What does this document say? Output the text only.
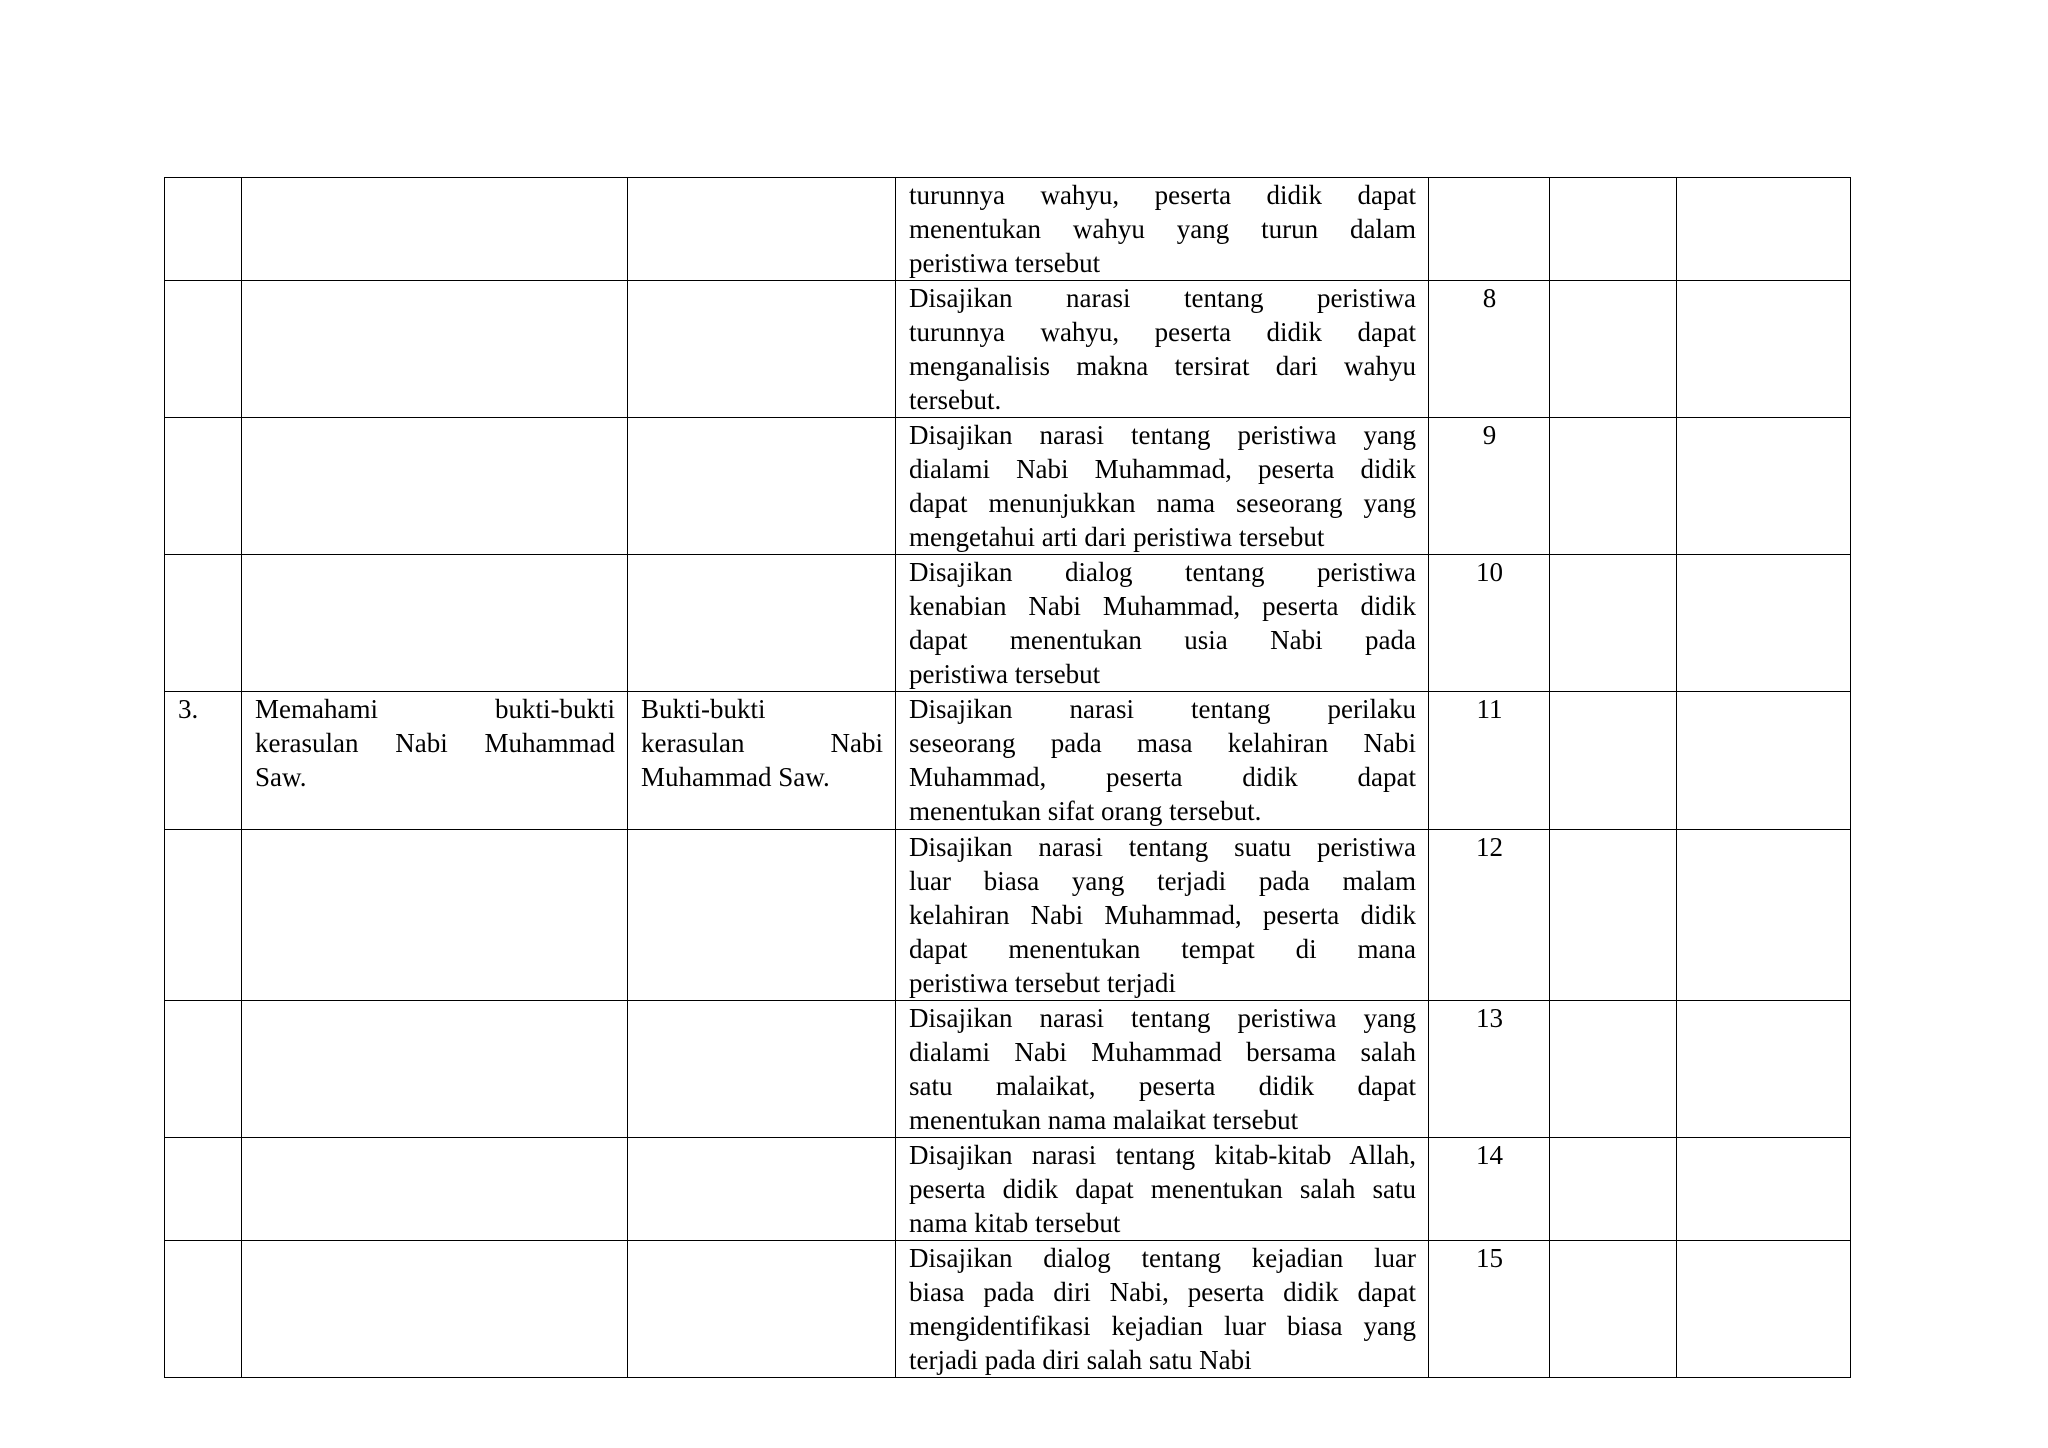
			turunnya wahyu, peserta didik dapat
menentukan wahyu yang turun dalam
peristiwa tersebut			

			Disajikan narasi tentang peristiwa
turunnya wahyu, peserta didik dapat
menganalisis makna tersirat dari wahyu
tersebut.	8		

			Disajikan narasi tentang peristiwa yang
dialami Nabi Muhammad, peserta didik
dapat menunjukkan nama seseorang yang
mengetahui arti dari peristiwa tersebut	9		

			Disajikan dialog tentang peristiwa
kenabian Nabi Muhammad, peserta didik
dapat menentukan usia Nabi pada
peristiwa tersebut	10		
3.	Memahami bukti-bukti
kerasulan Nabi Muhammad
Saw.	Bukti-bukti
kerasulan Nabi
Muhammad Saw.	Disajikan narasi tentang perilaku
seseorang pada masa kelahiran Nabi
Muhammad, peserta didik dapat
menentukan sifat orang tersebut.	11		

			Disajikan narasi tentang suatu peristiwa
luar biasa yang terjadi pada malam
kelahiran Nabi Muhammad, peserta didik
dapat menentukan tempat di mana
peristiwa tersebut terjadi	12		

			Disajikan narasi tentang peristiwa yang
dialami Nabi Muhammad bersama salah
satu malaikat, peserta didik dapat
menentukan nama malaikat tersebut	13		

			Disajikan narasi tentang kitab-kitab Allah,
peserta didik dapat menentukan salah satu
nama kitab tersebut	14		

			Disajikan dialog tentang kejadian luar
biasa pada diri Nabi, peserta didik dapat
mengidentifikasi kejadian luar biasa yang
terjadi pada diri salah satu Nabi	15		
